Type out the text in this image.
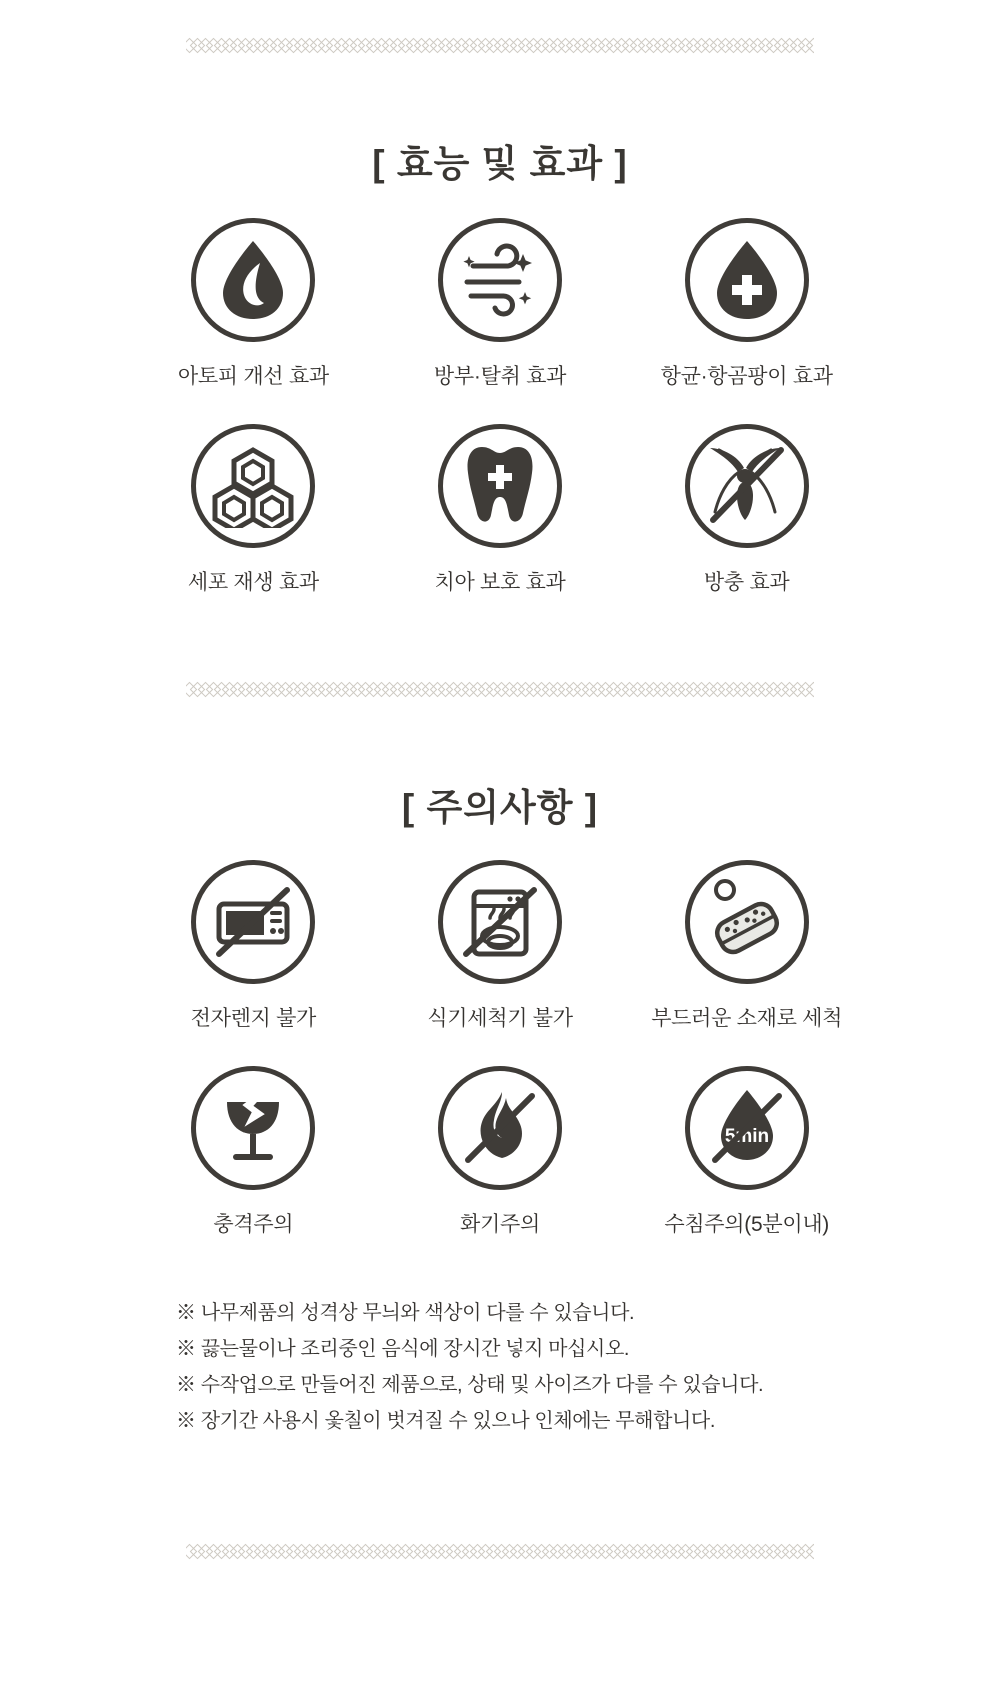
[ 효능 및 효과 ]
아토피 개선 효과	방부·탈취 효과	항균·항곰팡이 효과
세포 재생 효과	치아 보호 효과	방충 효과
[ 주의사항 ]
전자렌지 불가	식기세척기 불가	부드러운 소재로 세척
충격주의	화기주의
5min
수침주의(5분이내)
※ 나무제품의 성격상 무늬와 색상이 다를 수 있습니다.
※ 끓는물이나 조리중인 음식에 장시간 넣지 마십시오.
※ 수작업으로 만들어진 제품으로, 상태 및 사이즈가 다를 수 있습니다.
※ 장기간 사용시 옻칠이 벗겨질 수 있으나 인체에는 무해합니다.
